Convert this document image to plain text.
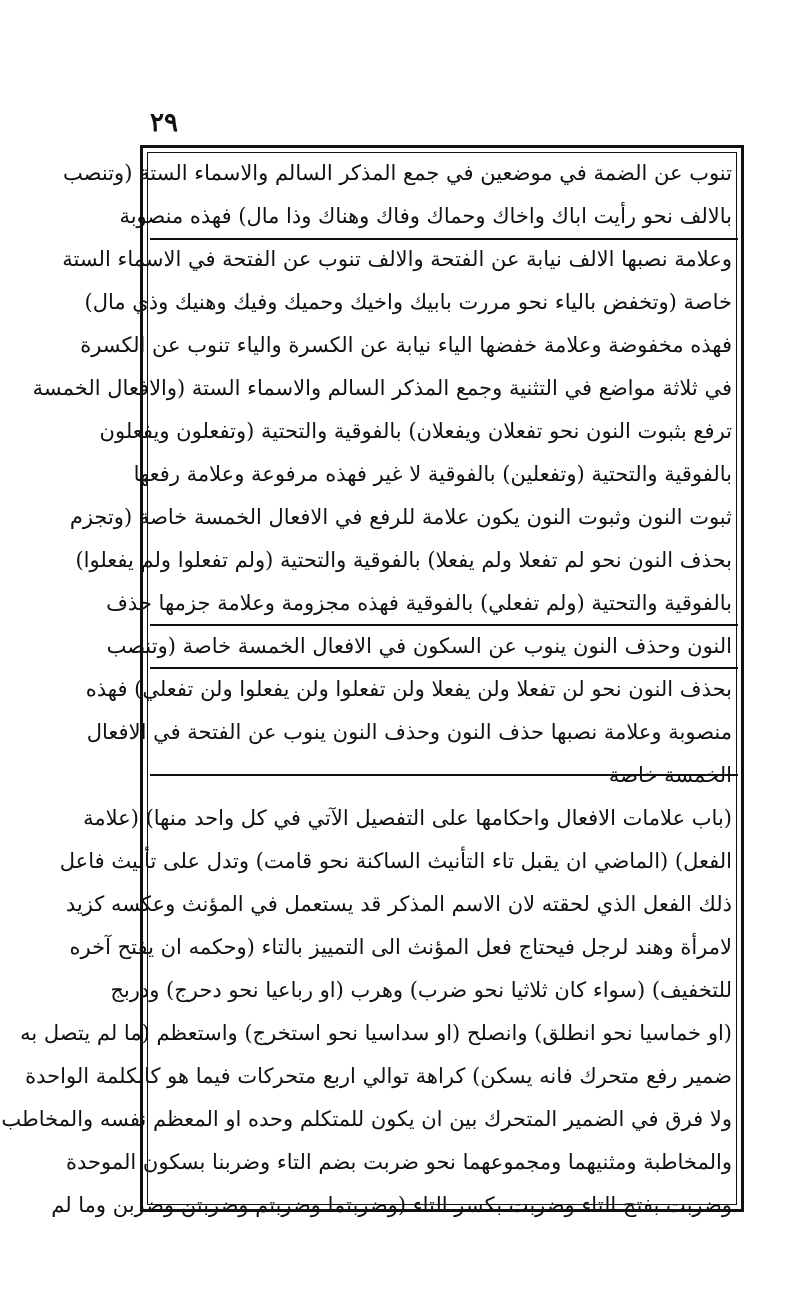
٢٩
تنوب عن الضمة في موضعين في جمع المذكر السالم والاسماء الستة (وتنصب
بالالف نحو رأيت اباك واخاك وحماك وفاك وهناك وذا مال) فهذه منصوبة
وعلامة نصبها الالف نيابة عن الفتحة والالف تنوب عن الفتحة في الاسماء الستة
خاصة (وتخفض بالياء نحو مررت بابيك واخيك وحميك وفيك وهنيك وذي مال)
فهذه مخفوضة وعلامة خفضها الياء نيابة عن الكسرة والياء تنوب عن الكسرة
في ثلاثة مواضع في التثنية وجمع المذكر السالم والاسماء الستة (والافعال الخمسة
ترفع بثبوت النون نحو تفعلان ويفعلان) بالفوقية والتحتية (وتفعلون ويفعلون
بالفوقية والتحتية (وتفعلين) بالفوقية لا غير فهذه مرفوعة وعلامة رفعها
ثبوت النون وثبوت النون يكون علامة للرفع في الافعال الخمسة خاصة (وتجزم
بحذف النون نحو لم تفعلا ولم يفعلا) بالفوقية والتحتية (ولم تفعلوا ولم يفعلوا)
بالفوقية والتحتية (ولم تفعلي) بالفوقية فهذه مجزومة وعلامة جزمها حذف
النون وحذف النون ينوب عن السكون في الافعال الخمسة خاصة (وتنصب
بحذف النون نحو لن تفعلا ولن يفعلا ولن تفعلوا ولن يفعلوا ولن تفعلي) فهذه
منصوبة وعلامة نصبها حذف النون وحذف النون ينوب عن الفتحة في الافعال
الخمسة خاصة
(باب علامات الافعال واحكامها على التفصيل الآتي في كل واحد منها) (علامة
الفعل) (الماضي ان يقبل تاء التأنيث الساكنة نحو قامت) وتدل على تأنيث فاعل
ذلك الفعل الذي لحقته لان الاسم المذكر قد يستعمل في المؤنث وعكسه كزيد
لامرأة وهند لرجل فيحتاج فعل المؤنث الى التمييز بالتاء (وحكمه ان يفتح آخره
للتخفيف) (سواء كان ثلاثيا نحو ضرب) وهرب (او رباعيا نحو دحرج) ودربج
(او خماسيا نحو انطلق) وانصلح (او سداسيا نحو استخرج) واستعظم (ما لم يتصل به
ضمير رفع متحرك فانه يسكن) كراهة توالي اربع متحركات فيما هو كالكلمة الواحدة
ولا فرق في الضمير المتحرك بين ان يكون للمتكلم وحده او المعظم نفسه والمخاطب
والمخاطبة ومثنيهما ومجموعهما نحو ضربت بضم التاء وضربنا بسكون الموحدة
وضربت بفتح التاء وضربت بكسر التاء (وضربتما وضربتم وضربتن وضربن وما لم
